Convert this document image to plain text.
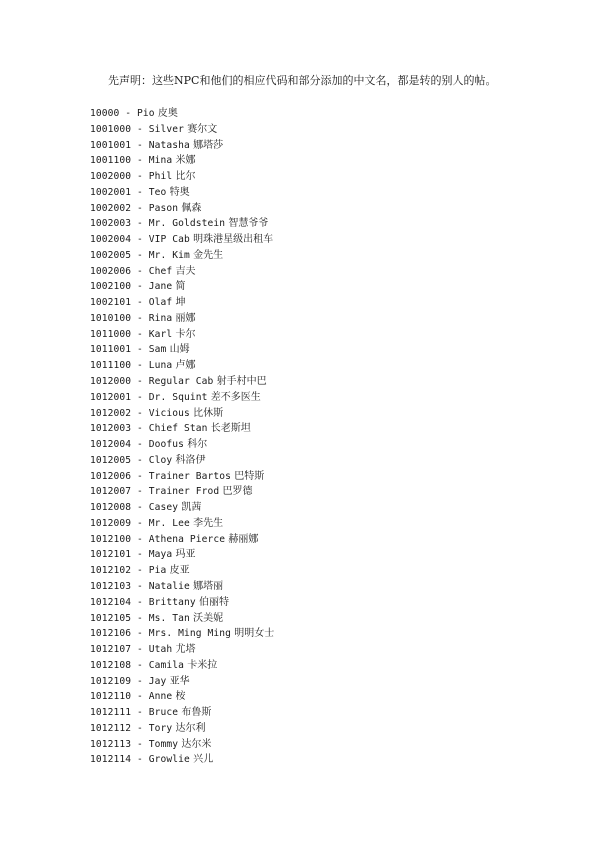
先声明：这些NPC和他们的相应代码和部分添加的中文名，都是转的别人的帖。
10000 - Pio 皮奥
1001000 - Silver 赛尔文
1001001 - Natasha 娜塔莎
1001100 - Mina 米娜
1002000 - Phil 比尔
1002001 - Teo 特奥
1002002 - Pason 佩森
1002003 - Mr. Goldstein 智慧爷爷
1002004 - VIP Cab 明珠港星级出租车
1002005 - Mr. Kim 金先生
1002006 - Chef 吉夫
1002100 - Jane 简
1002101 - Olaf 坤
1010100 - Rina 丽娜
1011000 - Karl 卡尔
1011001 - Sam 山姆
1011100 - Luna 卢娜
1012000 - Regular Cab 射手村中巴
1012001 - Dr. Squint 差不多医生
1012002 - Vicious 比休斯
1012003 - Chief Stan 长老斯坦
1012004 - Doofus 科尔
1012005 - Cloy 科洛伊
1012006 - Trainer Bartos 巴特斯
1012007 - Trainer Frod 巴罗德
1012008 - Casey 凯茜
1012009 - Mr. Lee 李先生
1012100 - Athena Pierce 赫丽娜
1012101 - Maya 玛亚
1012102 - Pia 皮亚
1012103 - Natalie 娜塔丽
1012104 - Brittany 伯丽特
1012105 - Ms. Tan 沃美妮
1012106 - Mrs. Ming Ming 明明女士
1012107 - Utah 尤塔
1012108 - Camila 卡米拉
1012109 - Jay 亚华
1012110 - Anne 桉
1012111 - Bruce 布鲁斯
1012112 - Tory 达尔利
1012113 - Tommy 达尔米
1012114 - Growlie 兴儿
